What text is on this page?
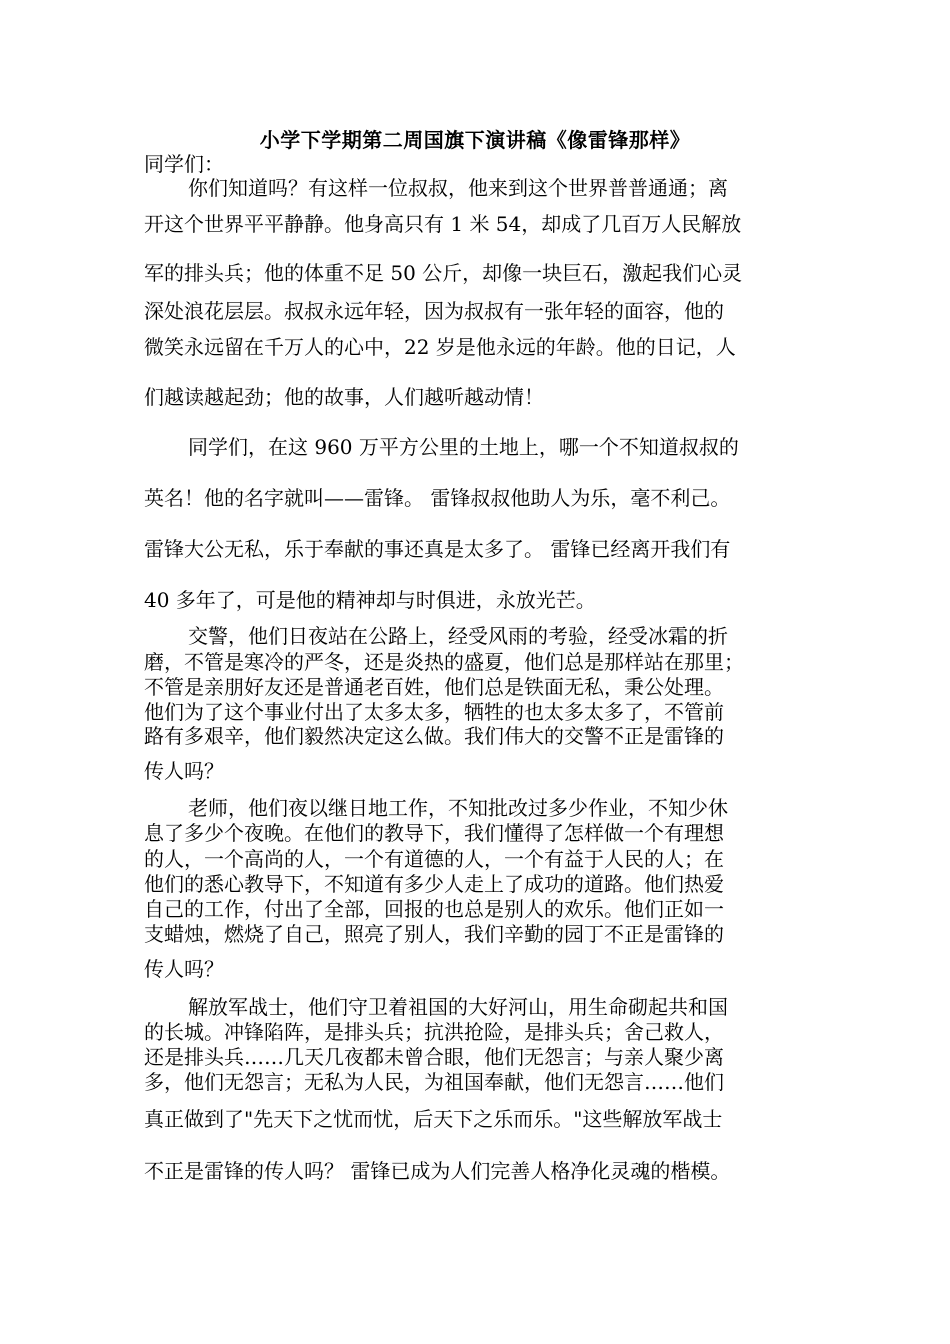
小学下学期第二周国旗下演讲稿《像雷锋那样》
同学们：
你们知道吗？有这样一位叔叔，他来到这个世界普普通通；离
开这个世界平平静静。他身高只有 1 米 54，却成了几百万人民解放
军的排头兵；他的体重不足 50 公斤，却像一块巨石，激起我们心灵
深处浪花层层。叔叔永远年轻，因为叔叔有一张年轻的面容，他的
微笑永远留在千万人的心中，22 岁是他永远的年龄。他的日记，人
们越读越起劲；他的故事，人们越听越动情！
同学们，在这 960 万平方公里的土地上，哪一个不知道叔叔的
英名！他的名字就叫——雷锋。 雷锋叔叔他助人为乐，毫不利己。
雷锋大公无私，乐于奉献的事还真是太多了。 雷锋已经离开我们有
40 多年了，可是他的精神却与时俱进，永放光芒。
交警，他们日夜站在公路上，经受风雨的考验，经受冰霜的折
磨，不管是寒冷的严冬，还是炎热的盛夏，他们总是那样站在那里；
不管是亲朋好友还是普通老百姓，他们总是铁面无私，秉公处理。
他们为了这个事业付出了太多太多，牺牲的也太多太多了，不管前
路有多艰辛，他们毅然决定这么做。我们伟大的交警不正是雷锋的
传人吗？
老师，他们夜以继日地工作，不知批改过多少作业，不知少休
息了多少个夜晚。在他们的教导下，我们懂得了怎样做一个有理想
的人，一个高尚的人，一个有道德的人，一个有益于人民的人；在
他们的悉心教导下，不知道有多少人走上了成功的道路。他们热爱
自己的工作，付出了全部，回报的也总是别人的欢乐。他们正如一
支蜡烛，燃烧了自己，照亮了别人，我们辛勤的园丁不正是雷锋的
传人吗？
解放军战士，他们守卫着祖国的大好河山，用生命砌起共和国
的长城。冲锋陷阵，是排头兵；抗洪抢险，是排头兵；舍己救人，
还是排头兵……几天几夜都未曾合眼，他们无怨言；与亲人聚少离
多，他们无怨言；无私为人民，为祖国奉献，他们无怨言……他们
真正做到了"先天下之忧而忧，后天下之乐而乐。"这些解放军战士
不正是雷锋的传人吗？ 雷锋已成为人们完善人格净化灵魂的楷模。
